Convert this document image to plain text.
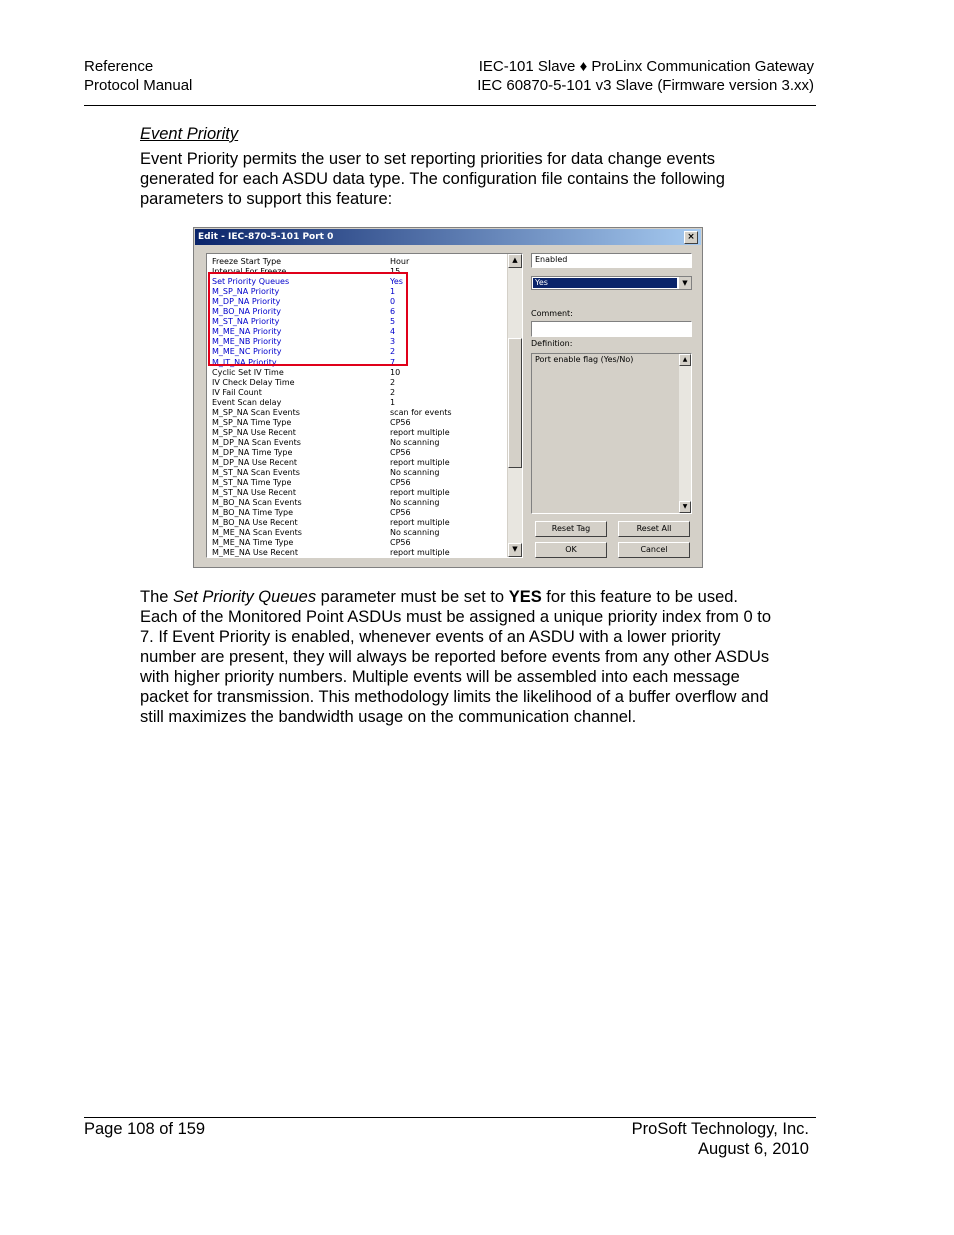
Reference
Protocol Manual
IEC-101 Slave ♦ ProLinx Communication Gateway
IEC 60870-5-101 v3 Slave (Firmware version 3.xx)
Event Priority
Event Priority permits the user to set reporting priorities for data change events generated for each ASDU data type. The configuration file contains the following parameters to support this feature:
Edit - IEC-870-5-101 Port 0	×
▲
▼
Freeze Start Type	Hour
Interval For Freeze	15
Set Priority Queues	Yes
M_SP_NA Priority	1
M_DP_NA Priority	0
M_BO_NA Priority	6
M_ST_NA Priority	5
M_ME_NA Priority	4
M_ME_NB Priority	3
M_ME_NC Priority	2
M_IT_NA Priority	7
Cyclic Set IV Time	10
IV Check Delay Time	2
IV Fail Count	2
Event Scan delay	1
M_SP_NA Scan Events	scan for events
M_SP_NA Time Type	CP56
M_SP_NA Use Recent	report multiple
M_DP_NA Scan Events	No scanning
M_DP_NA Time Type	CP56
M_DP_NA Use Recent	report multiple
M_ST_NA Scan Events	No scanning
M_ST_NA Time Type	CP56
M_ST_NA Use Recent	report multiple
M_BO_NA Scan Events	No scanning
M_BO_NA Time Type	CP56
M_BO_NA Use Recent	report multiple
M_ME_NA Scan Events	No scanning
M_ME_NA Time Type	CP56
M_ME_NA Use Recent	report multiple
Enabled
Yes	▼
Comment:
Definition:
Port enable flag (Yes/No)	▲
▼
Reset Tag	Reset All
OK	Cancel
The Set Priority Queues parameter must be set to YES for this feature to be used. Each of the Monitored Point ASDUs must be assigned a unique priority index from 0 to 7. If Event Priority is enabled, whenever events of an ASDU with a lower priority number are present, they will always be reported before events from any other ASDUs with higher priority numbers. Multiple events will be assembled into each message packet for transmission. This methodology limits the likelihood of a buffer overflow and still maximizes the bandwidth usage on the communication channel.
Page 108 of 159	ProSoft Technology, Inc.
August 6, 2010
